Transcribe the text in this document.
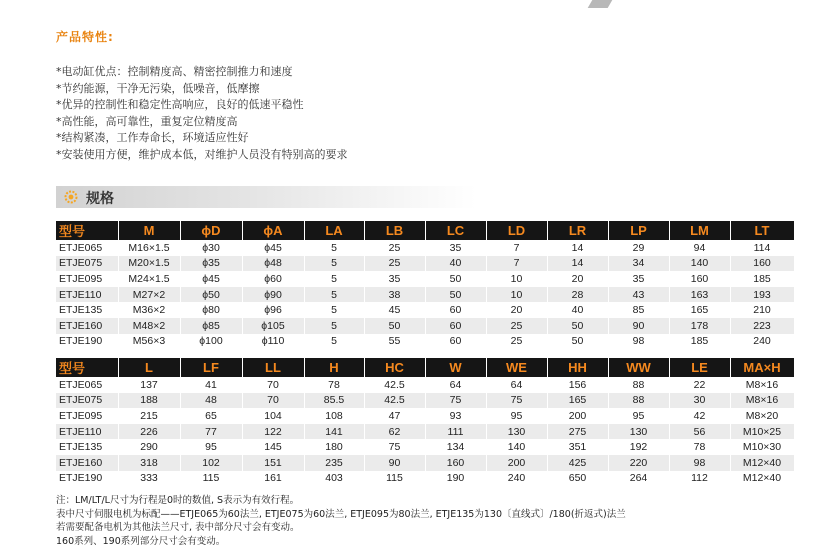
产品特性:
*电动缸优点：控制精度高、精密控制推力和速度
*节约能源，干净无污染，低噪音，低摩擦
*优异的控制性和稳定性高响应，良好的低速平稳性
*高性能，高可靠性，重复定位精度高
*结构紧凑，工作寿命长，环境适应性好
*安装使用方便，维护成本低，对维护人员没有特别高的要求
规格
型号	M	ϕD	ϕA	LA	LB	LC	LD	LR	LP	LM	LT
ETJE065	M16×1.5	ϕ30	ϕ45	5	25	35	7	14	29	94	114
ETJE075	M20×1.5	ϕ35	ϕ48	5	25	40	7	14	34	140	160
ETJE095	M24×1.5	ϕ45	ϕ60	5	35	50	10	20	35	160	185
ETJE110	M27×2	ϕ50	ϕ90	5	38	50	10	28	43	163	193
ETJE135	M36×2	ϕ80	ϕ96	5	45	60	20	40	85	165	210
ETJE160	M48×2	ϕ85	ϕ105	5	50	60	25	50	90	178	223
ETJE190	M56×3	ϕ100	ϕ110	5	55	60	25	50	98	185	240
型号	L	LF	LL	H	HC	W	WE	HH	WW	LE	MA×H
ETJE065	137	41	70	78	42.5	64	64	156	88	22	M8×16
ETJE075	188	48	70	85.5	42.5	75	75	165	88	30	M8×16
ETJE095	215	65	104	108	47	93	95	200	95	42	M8×20
ETJE110	226	77	122	141	62	111	130	275	130	56	M10×25
ETJE135	290	95	145	180	75	134	140	351	192	78	M10×30
ETJE160	318	102	151	235	90	160	200	425	220	98	M12×40
ETJE190	333	115	161	403	115	190	240	650	264	112	M12×40
注：LM/LT/L尺寸为行程是0时的数值, S表示为有效行程。
表中尺寸伺服电机为标配——ETJE065为60法兰, ETJE075为60法兰, ETJE095为80法兰, ETJE135为130〔直线式〕/180(折返式)法兰
若需要配备电机为其他法兰尺寸, 表中部分尺寸会有变动。
160系列、190系列部分尺寸会有变动。
